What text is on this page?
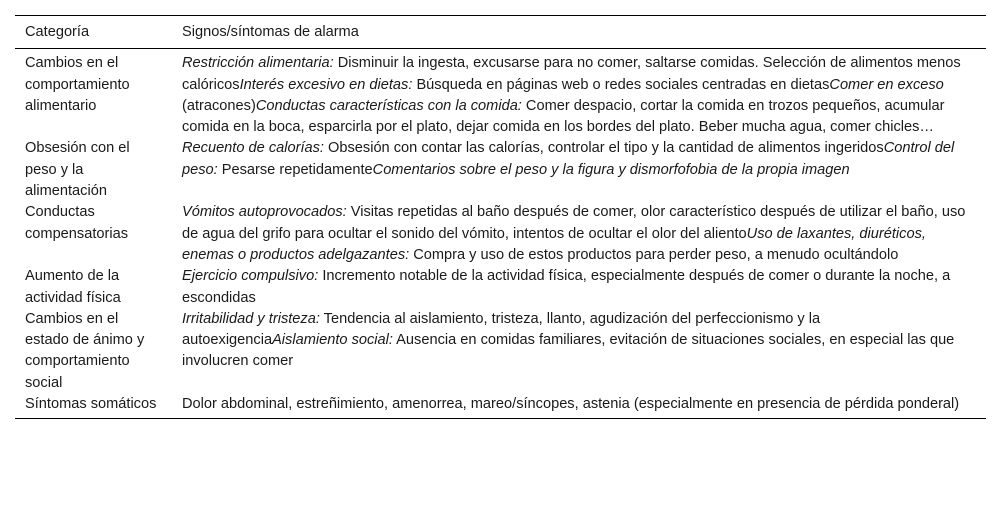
Categoría	Signos/síntomas de alarma
Cambios en el comportamiento alimentario	Restricción alimentaria: Disminuir la ingesta, excusarse para no comer, saltarse comidas. Selección de alimentos menos calóricosInterés excesivo en dietas: Búsqueda en páginas web o redes sociales centradas en dietasComer en exceso (atracones)Conductas características con la comida: Comer despacio, cortar la comida en trozos pequeños, acumular comida en la boca, esparcirla por el plato, dejar comida en los bordes del plato. Beber mucha agua, comer chicles…
Obsesión con el peso y la alimentación	Recuento de calorías: Obsesión con contar las calorías, controlar el tipo y la cantidad de alimentos ingeridosControl del peso: Pesarse repetidamenteComentarios sobre el peso y la figura y dismorfofobia de la propia imagen
Conductas compensatorias	Vómitos autoprovocados: Visitas repetidas al baño después de comer, olor característico después de utilizar el baño, uso de agua del grifo para ocultar el sonido del vómito, intentos de ocultar el olor del alientoUso de laxantes, diuréticos, enemas o productos adelgazantes: Compra y uso de estos productos para perder peso, a menudo ocultándolo
Aumento de la actividad física	Ejercicio compulsivo: Incremento notable de la actividad física, especialmente después de comer o durante la noche, a escondidas
Cambios en el estado de ánimo y comportamiento social	Irritabilidad y tristeza: Tendencia al aislamiento, tristeza, llanto, agudización del perfeccionismo y la autoexigenciaAislamiento social: Ausencia en comidas familiares, evitación de situaciones sociales, en especial las que involucren comer
Síntomas somáticos	Dolor abdominal, estreñimiento, amenorrea, mareo/síncopes, astenia (especialmente en presencia de pérdida ponderal)
